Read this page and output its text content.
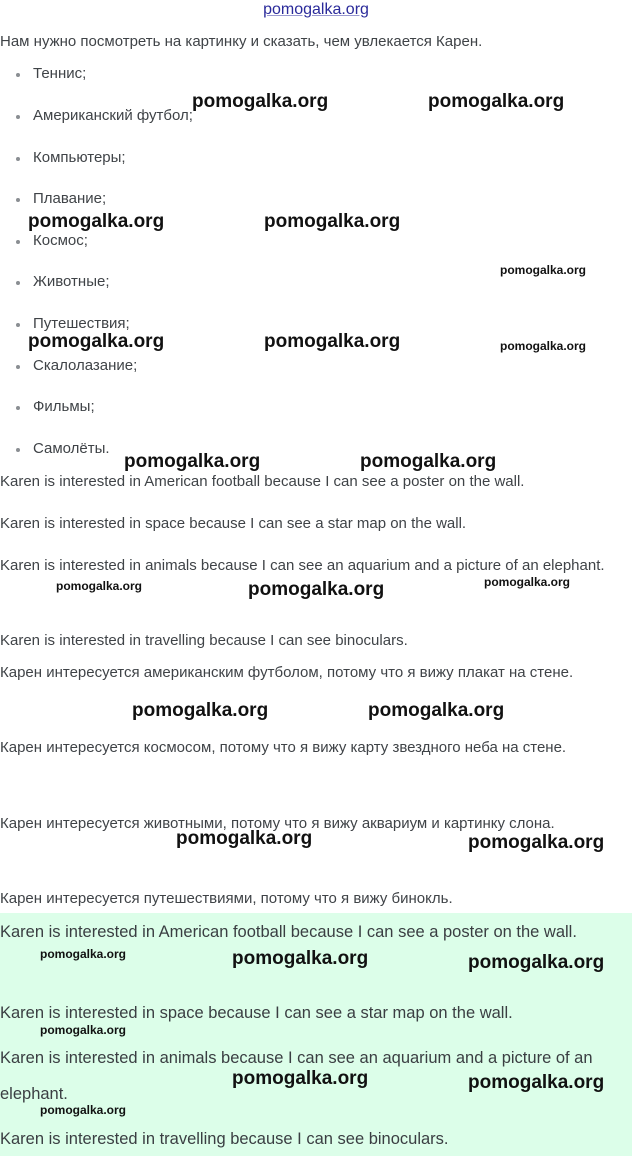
pomogalka.org
Нам нужно посмотреть на картинку и сказать, чем увлекается Карен.
Теннис;
Американский футбол;
Компьютеры;
Плавание;
Космос;
Животные;
Путешествия;
Скалолазание;
Фильмы;
Самолёты.

Karen is interested in American football because I can see a poster on the wall.

Karen is interested in space because I can see a star map on the wall.

Karen is interested in animals because I can see an aquarium and a picture of an elephant.

Karen is interested in travelling because I can see binoculars.

Карен интересуется американским футболом, потому что я вижу плакат на стене.

Карен интересуется космосом, потому что я вижу карту звездного неба на стене.

Карен интересуется животными, потому что я вижу аквариум и картинку слона.

Карен интересуется путешествиями, потому что я вижу бинокль.

Karen is interested in American football because I can see a poster on the wall.

Karen is interested in space because I can see a star map on the wall.

Karen is interested in animals because I can see an aquarium and a picture of an elephant.

Karen is interested in travelling because I can see binoculars.

pomogalka.org	pomogalka.org
pomogalka.org	pomogalka.org
pomogalka.org
pomogalka.org	pomogalka.org	pomogalka.org
pomogalka.org	pomogalka.org
pomogalka.org	pomogalka.org	pomogalka.org
pomogalka.org	pomogalka.org
pomogalka.org	pomogalka.org
pomogalka.org	pomogalka.org	pomogalka.org
pomogalka.org
pomogalka.org	pomogalka.org
pomogalka.org
